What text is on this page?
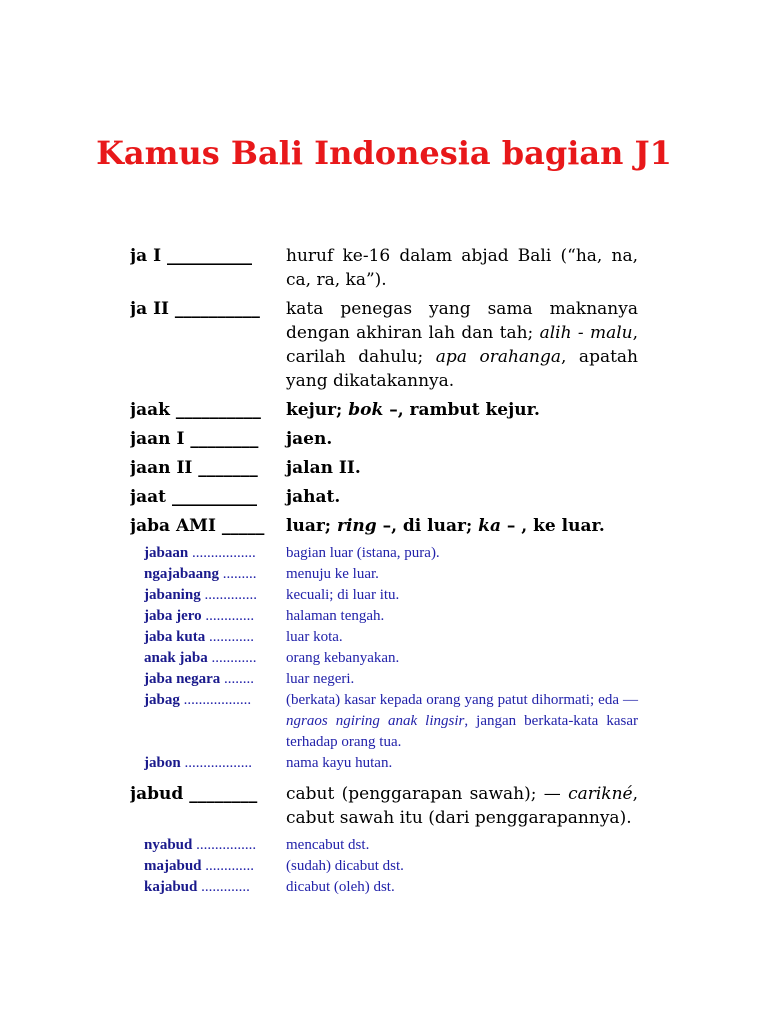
Kamus Bali Indonesia bagian J1
ja I __________	huruf ke-16 dalam abjad Bali (“ha, na, ca, ra, ka”).
ja II __________	kata penegas yang sama maknanya dengan akhiran lah dan tah; alih - malu, carilah dahulu; apa orahanga, apatah yang dikatakannya.
jaak __________	kejur; bok –, rambut kejur.
jaan I ________	jaen.
jaan II _______	jalan II.
jaat __________	jahat.
jaba AMI _____	luar; ring –, di luar; ka – , ke luar.
jabaan .................	bagian luar (istana, pura).
ngajabaang .........	menuju ke luar.
jabaning ..............	kecuali; di luar itu.
jaba jero .............	halaman tengah.
jaba kuta ............	luar kota.
anak jaba ............	orang kebanyakan.
jaba negara ........	luar negeri.
jabag ..................	(berkata) kasar kepada orang yang patut dihormati; eda — ngraos ngiring anak lingsir, jangan berkata-kata kasar terhadap orang tua.
jabon ..................	nama kayu hutan.
jabud ________	cabut (penggarapan sawah); — carikné, cabut sawah itu (dari penggarapannya).
nyabud ................	mencabut dst.
majabud .............	(sudah) dicabut dst.
kajabud .............	dicabut (oleh) dst.
